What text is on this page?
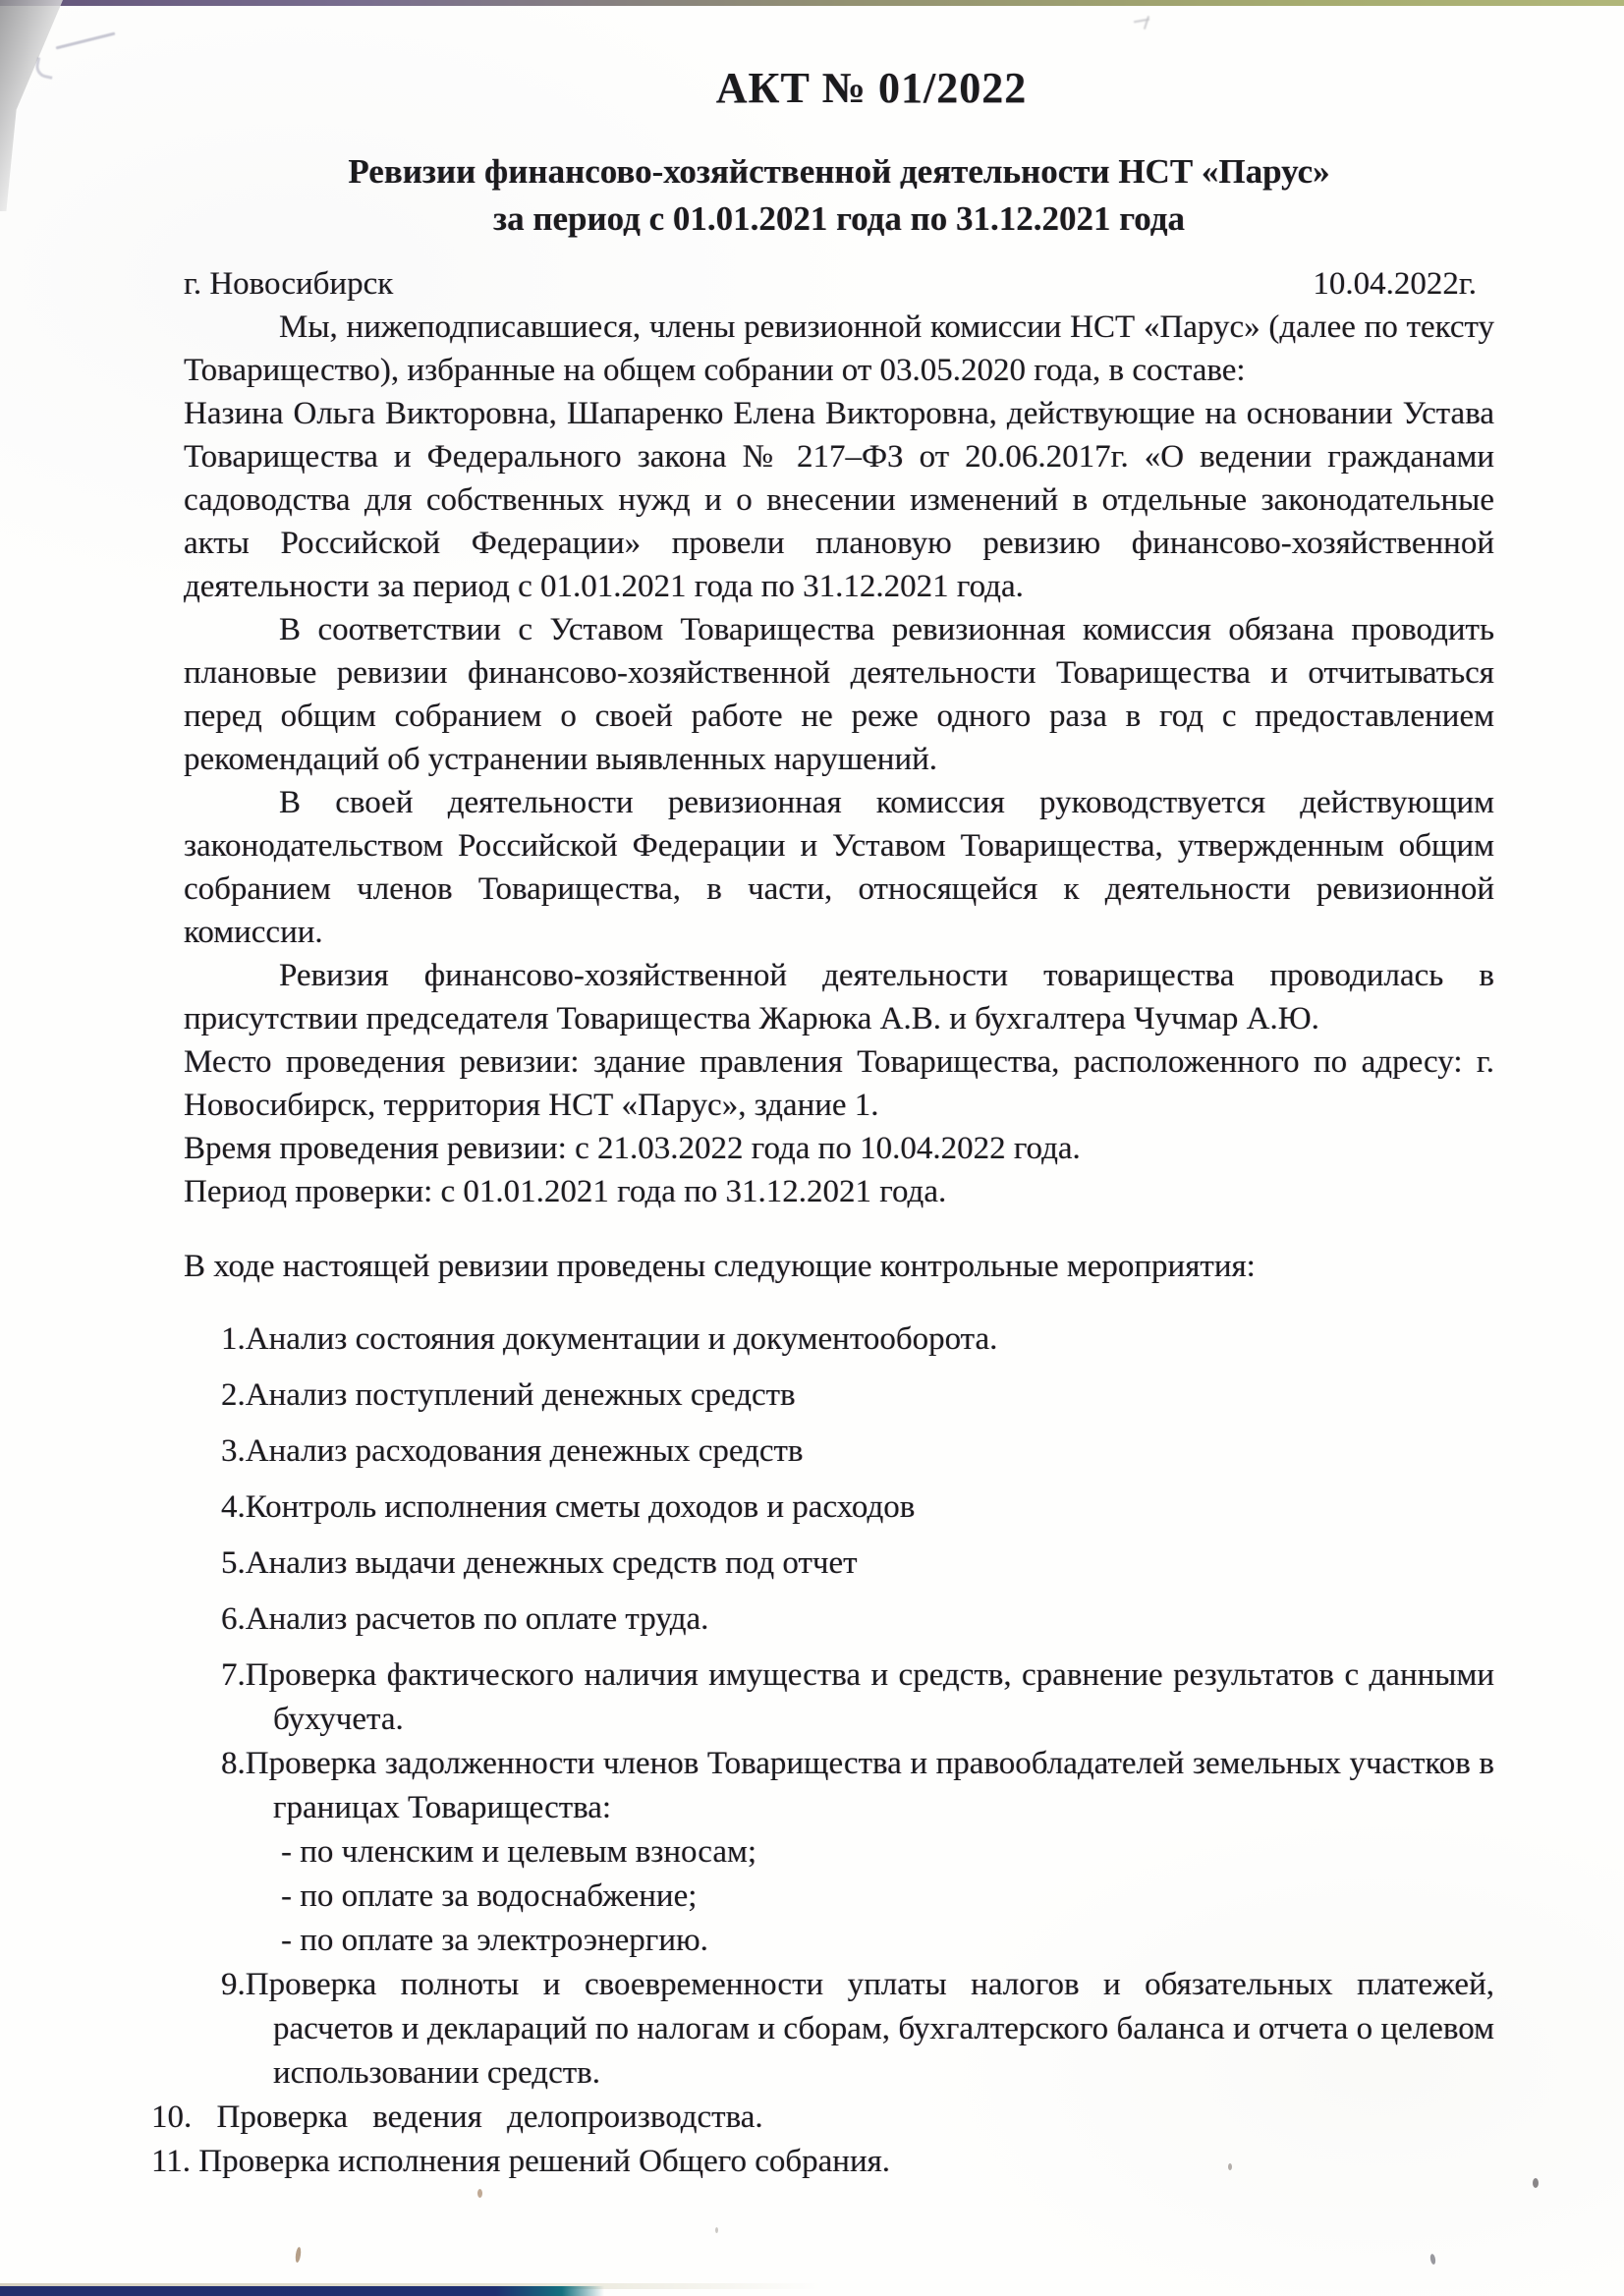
АКТ № 01/2022
Ревизии финансово-хозяйственной деятельности НСТ «Парус»
за период с 01.01.2021 года по 31.12.2021 года
г. Новосибирск	10.04.2022г.

Мы, нижеподписавшиеся, члены ревизионной комиссии НСТ «Парус» (далее по тексту Товарищество), избранные на общем собрании от 03.05.2020 года, в составе:

Назина Ольга Викторовна, Шапаренко Елена Викторовна, действующие на основании Устава Товарищества и Федерального закона № 217–ФЗ от 20.06.2017г. «О ведении гражданами садоводства для собственных нужд и о внесении изменений в отдельные законодательные акты Российской Федерации» провели плановую ревизию финансово-хозяйственной деятельности за период с 01.01.2021 года по 31.12.2021 года.

В соответствии с Уставом Товарищества ревизионная комиссия обязана проводить плановые ревизии финансово-хозяйственной деятельности Товарищества и отчитываться перед общим собранием о своей работе не реже одного раза в год с предоставлением рекомендаций об устранении выявленных нарушений.

В своей деятельности ревизионная комиссия руководствуется действующим законодательством Российской Федерации и Уставом Товарищества, утвержденным общим собранием членов Товарищества, в части, относящейся к деятельности ревизионной комиссии.

Ревизия финансово-хозяйственной деятельности товарищества проводилась в присутствии председателя Товарищества Жарюка А.В. и бухгалтера Чучмар А.Ю.

Место проведения ревизии: здание правления Товарищества, расположенного по адресу: г. Новосибирск, территория НСТ «Парус», здание 1.

Время проведения ревизии: с 21.03.2022 года по 10.04.2022 года.

Период проверки: с 01.01.2021 года по 31.12.2021 года.

В ходе настоящей ревизии проведены следующие контрольные мероприятия:

1.Анализ состояния документации и документооборота.
2.Анализ поступлений денежных средств
3.Анализ расходования денежных средств
4.Контроль исполнения сметы доходов и расходов
5.Анализ выдачи денежных средств под отчет
6.Анализ расчетов по оплате труда.
7.Проверка фактического наличия имущества и средств, сравнение результатов с данными бухучета.
8.Проверка задолженности членов Товарищества и правообладателей земельных участков в границах Товарищества:
- по членским и целевым взносам;
- по оплате за водоснабжение;
- по оплате за электроэнергию.
9.Проверка полноты и своевременности уплаты налогов и обязательных платежей, расчетов и деклараций по налогам и сборам, бухгалтерского баланса и отчета о целевом использовании средств.
10. Проверка ведения делопроизводства.
11. Проверка исполнения решений Общего собрания.
